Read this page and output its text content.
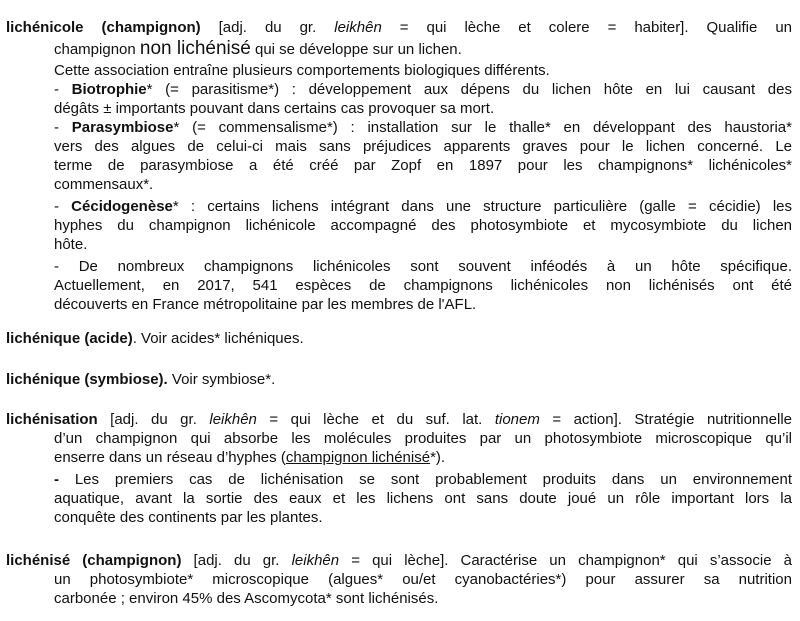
lichénicole (champignon) [adj. du gr. leikhên = qui lèche et colere = habiter]. Qualifie un
champignon non lichénisé qui se développe sur un lichen.
Cette association entraîne plusieurs comportements biologiques différents.
- Biotrophie* (= parasitisme*) : développement aux dépens du lichen hôte en lui causant des
dégâts ± importants pouvant dans certains cas provoquer sa mort.
- Parasymbiose* (= commensalisme*) : installation sur le thalle* en développant des haustoria*
vers des algues de celui-ci mais sans préjudices apparents graves pour le lichen concerné. Le
terme de parasymbiose a été créé par Zopf en 1897 pour les champignons* lichénicoles*
commensaux*.
- Cécidogenèse* : certains lichens intégrant dans une structure particulière (galle = cécidie) les
hyphes du champignon lichénicole accompagné des photosymbiote et mycosymbiote du lichen
hôte.
- De nombreux champignons lichénicoles sont souvent inféodés à un hôte spécifique.
Actuellement, en 2017, 541 espèces de champignons lichénicoles non lichénisés ont été
découverts en France métropolitaine par les membres de l'AFL.
lichénique (acide). Voir acides* lichéniques.
lichénique (symbiose). Voir symbiose*.
lichénisation [adj. du gr. leikhên = qui lèche et du suf. lat. tionem = action]. Stratégie nutritionnelle
d’un champignon qui absorbe les molécules produites par un photosymbiote microscopique qu’il
enserre dans un réseau d’hyphes (champignon lichénisé*).
- Les premiers cas de lichénisation se sont probablement produits dans un environnement
aquatique, avant la sortie des eaux et les lichens ont sans doute joué un rôle important lors la
conquête des continents par les plantes.
lichénisé (champignon) [adj. du gr. leikhên = qui lèche]. Caractérise un champignon* qui s’associe à
un photosymbiote* microscopique (algues* ou/et cyanobactéries*) pour assurer sa nutrition
carbonée ; environ 45% des Ascomycota* sont lichénisés.
